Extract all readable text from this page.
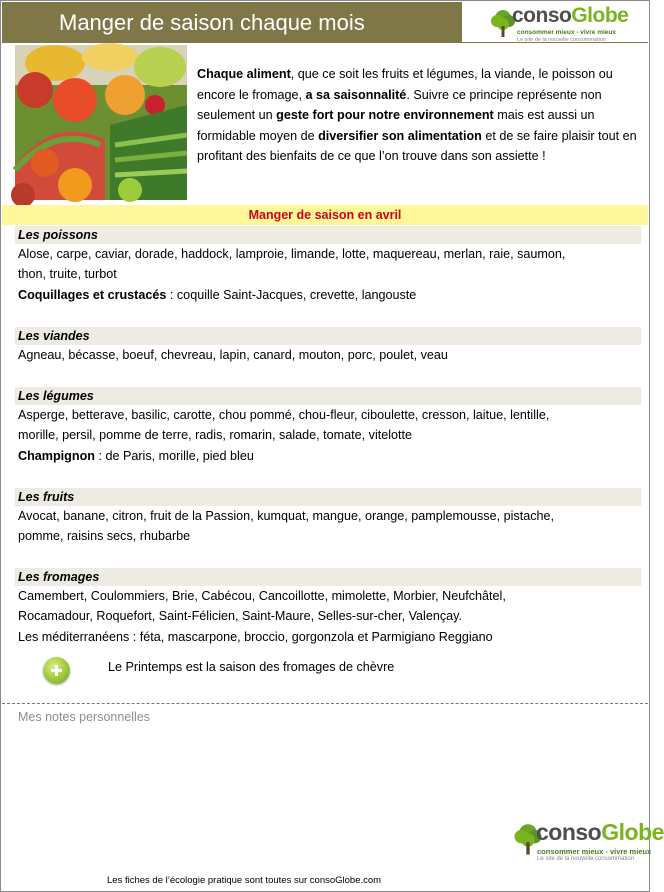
Manger de saison chaque mois	consoGlobe
consommer mieux - vivre mieux
Le site de la nouvelle consommation
Chaque aliment, que ce soit les fruits et légumes, la viande, le poisson ou encore le fromage, a sa saisonnalité. Suivre ce principe représente non seulement un geste fort pour notre environnement mais est aussi un formidable moyen de diversifier son alimentation et de se faire plaisir tout en profitant des bienfaits de ce que l’on trouve dans son assiette !
Manger de saison en avril
Les poissons
Alose, carpe, caviar, dorade, haddock, lamproie, limande, lotte, maquereau, merlan, raie, saumon,
thon, truite, turbot
Coquillages et crustacés : coquille Saint-Jacques, crevette, langouste
Les viandes
Agneau, bécasse, boeuf, chevreau, lapin, canard, mouton, porc, poulet, veau
Les légumes
Asperge, betterave, basilic, carotte, chou pommé, chou-fleur, ciboulette, cresson, laitue, lentille,
morille, persil, pomme de terre, radis, romarin, salade, tomate, vitelotte
Champignon : de Paris, morille, pied bleu
Les fruits
Avocat, banane, citron, fruit de la Passion, kumquat, mangue, orange, pamplemousse, pistache,
pomme, raisins secs, rhubarbe
Les fromages
Camembert, Coulommiers, Brie, Cabécou, Cancoillotte, mimolette, Morbier, Neufchâtel,
Rocamadour, Roquefort, Saint-Félicien, Saint-Maure, Selles-sur-cher, Valençay.
Les méditerranéens : féta, mascarpone, broccio, gorgonzola et Parmigiano Reggiano
Le Printemps est la saison des fromages de chèvre
Mes notes personnelles
consoGlobe
consommer mieux - vivre mieux
Le site de la nouvelle consommation
Les fiches de l’écologie pratique sont toutes sur consoGlobe.com
